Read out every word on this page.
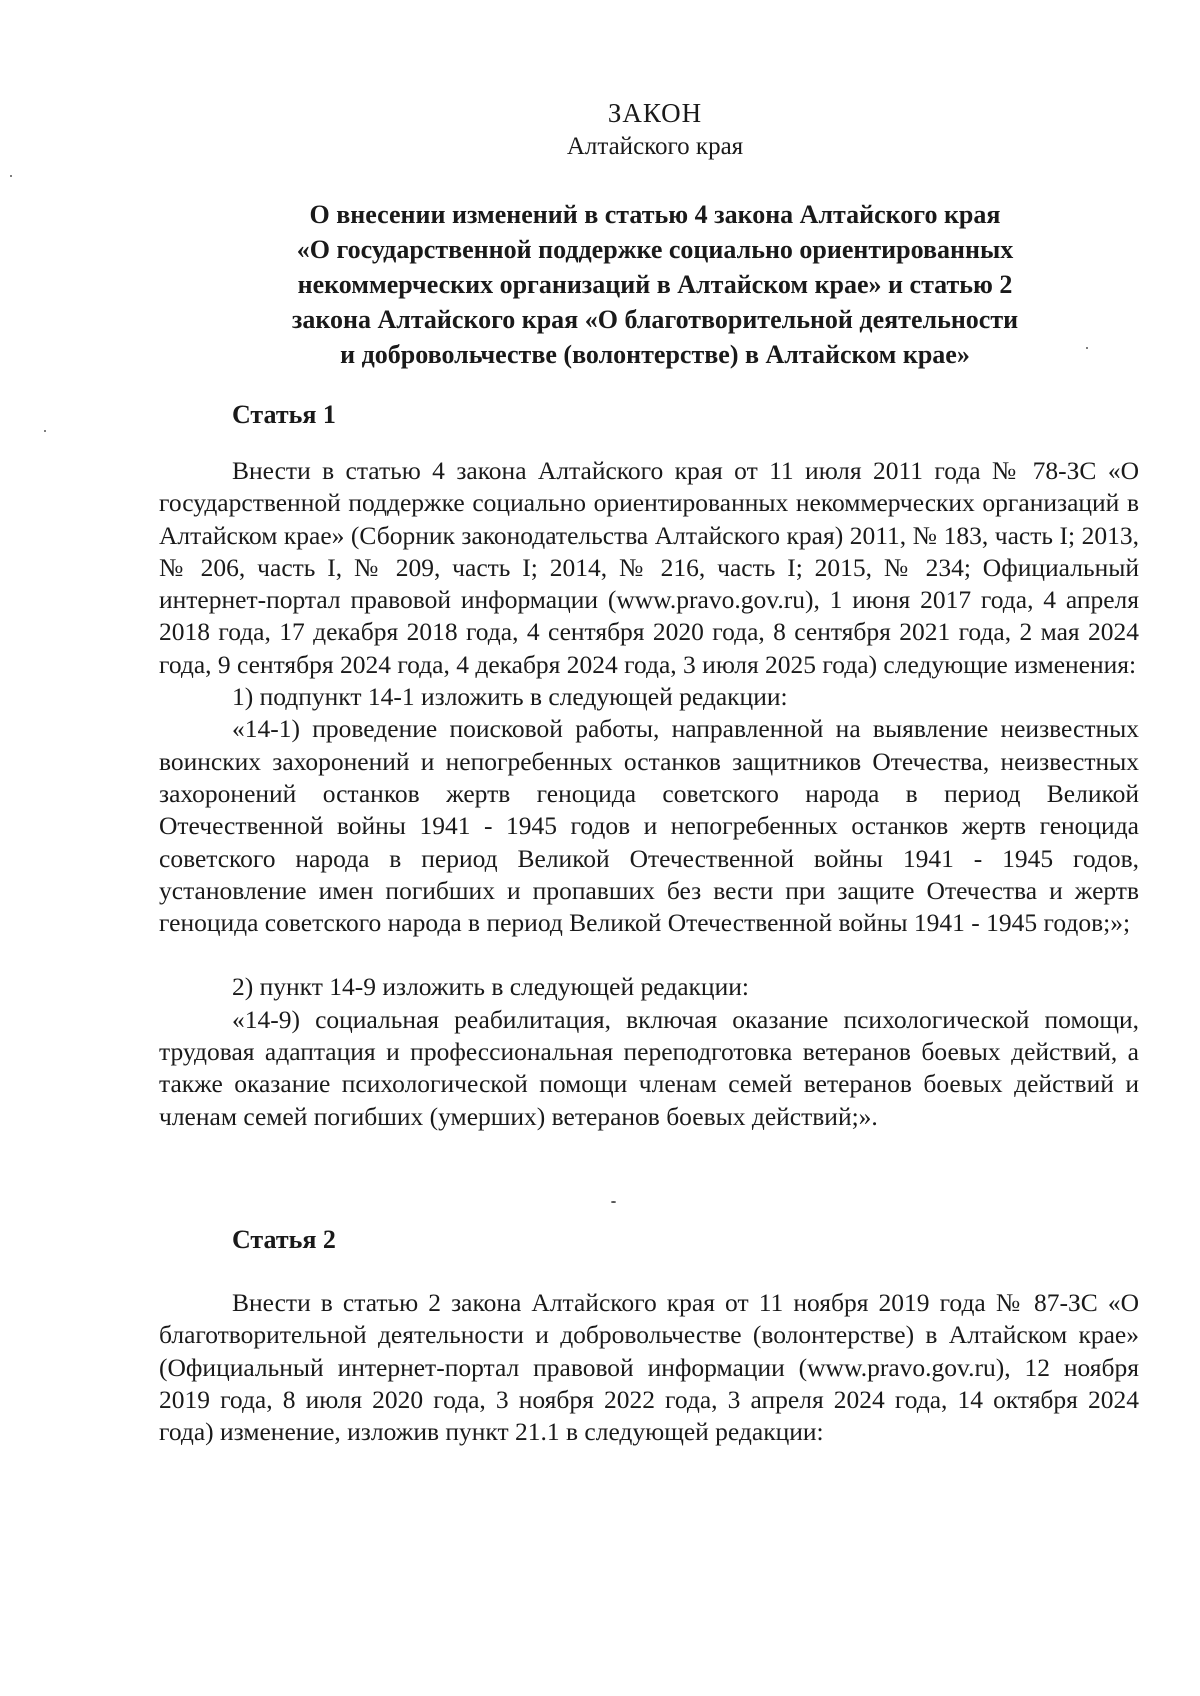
ЗАКОН
Алтайского края
О внесении изменений в статью 4 закона Алтайского края
«О государственной поддержке социально ориентированных
некоммерческих организаций в Алтайском крае» и статью 2
закона Алтайского края «О благотворительной деятельности
и добровольчестве (волонтерстве) в Алтайском крае»
Статья 1

Внести в статью 4 закона Алтайского края от 11 июля 2011 года № 78-ЗС «О государственной поддержке социально ориентированных некоммерческих организаций в Алтайском крае» (Сборник законодательства Алтайского края) 2011, № 183, часть I; 2013, № 206, часть I, № 209, часть I; 2014, № 216, часть I; 2015, № 234; Официальный интернет-портал правовой информации (www.pravo.gov.ru), 1 июня 2017 года, 4 апреля 2018 года, 17 декабря 2018 года, 4 сентября 2020 года, 8 сентября 2021 года, 2 мая 2024 года, 9 сентября 2024 года, 4 декабря 2024 года, 3 июля 2025 года) следующие изменения:

1) подпункт 14-1 изложить в следующей редакции:

«14-1) проведение поисковой работы, направленной на выявление неизвестных воинских захоронений и непогребенных останков защитников Отечества, неизвестных захоронений останков жертв геноцида советского народа в период Великой Отечественной войны 1941 - 1945 годов и непогребенных останков жертв геноцида советского народа в период Великой Отечественной войны 1941 - 1945 годов, установление имен погибших и пропавших без вести при защите Отечества и жертв геноцида советского народа в период Великой Отечественной войны 1941 - 1945 годов;»;

2) пункт 14-9 изложить в следующей редакции:

«14-9) социальная реабилитация, включая оказание психологической помощи, трудовая адаптация и профессиональная переподготовка ветеранов боевых действий, а также оказание психологической помощи членам семей ветеранов боевых действий и членам семей погибших (умерших) ветеранов боевых действий;».

Статья 2

Внести в статью 2 закона Алтайского края от 11 ноября 2019 года № 87-ЗС «О благотворительной деятельности и добровольчестве (волонтерстве) в Алтайском крае» (Официальный интернет-портал правовой информации (www.pravo.gov.ru), 12 ноября 2019 года, 8 июля 2020 года, 3 ноября 2022 года, 3 апреля 2024 года, 14 октября 2024 года) изменение, изложив пункт 21.1 в следующей редакции:
